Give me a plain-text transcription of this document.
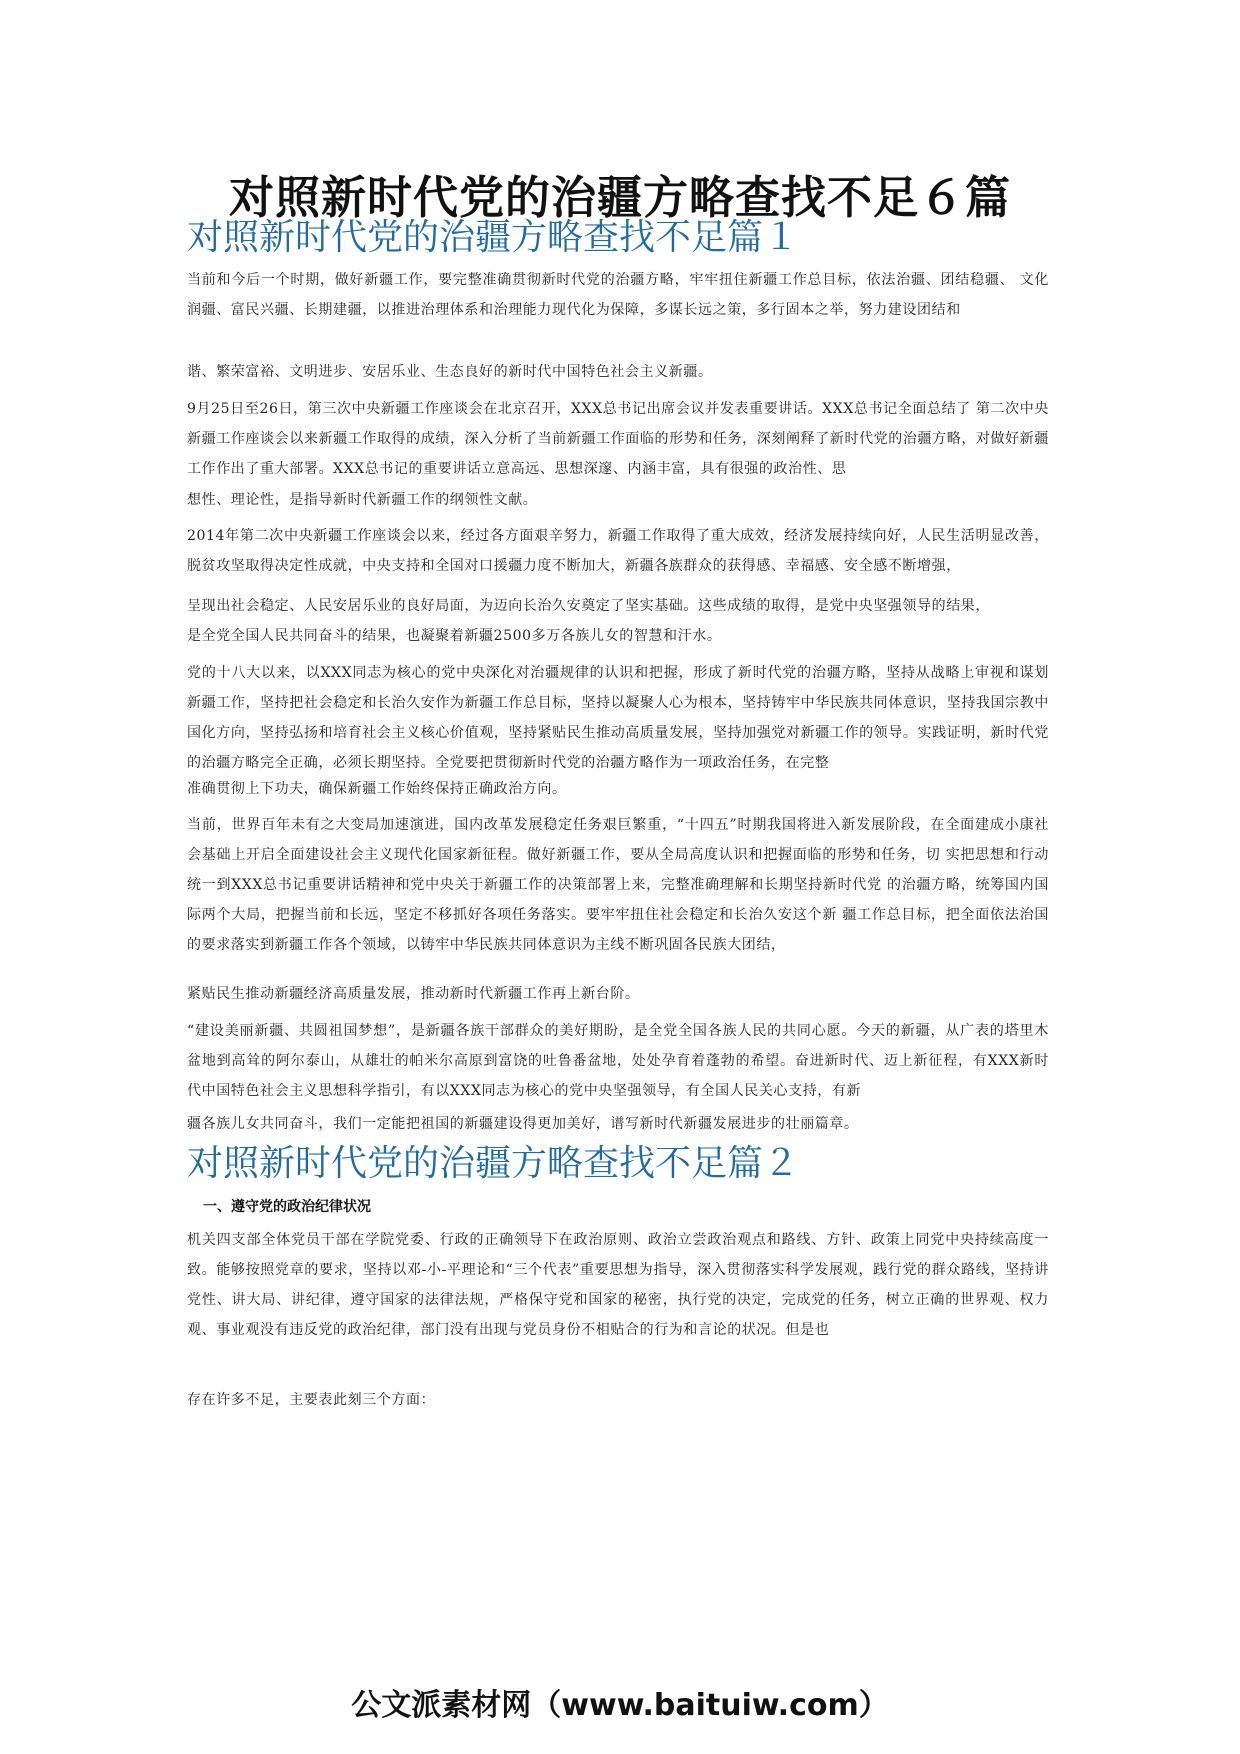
对照新时代党的治疆方略查找不足６篇
对照新时代党的治疆方略查找不足篇１
当前和今后一个时期，做好新疆工作，要完整准确贯彻新时代党的治疆方略，牢牢扭住新疆工作总目标，依法治疆、团结稳疆、 文化润疆、富民兴疆、长期建疆，以推进治理体系和治理能力现代化为保障，多谋长远之策，多行固本之举，努力建设团结和
谐、繁荣富裕、文明进步、安居乐业、生态良好的新时代中国特色社会主义新疆。
9月25日至26日，第三次中央新疆工作座谈会在北京召开，XXX总书记出席会议并发表重要讲话。XXX总书记全面总结了 第二次中央新疆工作座谈会以来新疆工作取得的成绩，深入分析了当前新疆工作面临的形势和任务，深刻阐释了新时代党的治疆方略，对做好新疆工作作出了重大部署。XXX总书记的重要讲话立意高远、思想深邃、内涵丰富，具有很强的政治性、思
想性、理论性，是指导新时代新疆工作的纲领性文献。
2014年第二次中央新疆工作座谈会以来，经过各方面艰辛努力，新疆工作取得了重大成效，经济发展持续向好，人民生活明显改善，脱贫攻坚取得决定性成就，中央支持和全国对口援疆力度不断加大，新疆各族群众的获得感、幸福感、安全感不断增强，
呈现出社会稳定、人民安居乐业的良好局面，为迈向长治久安奠定了坚实基础。这些成绩的取得，是党中央坚强领导的结果，
是全党全国人民共同奋斗的结果，也凝聚着新疆2500多万各族儿女的智慧和汗水。
党的十八大以来，以XXX同志为核心的党中央深化对治疆规律的认识和把握，形成了新时代党的治疆方略，坚持从战略上审视和谋划新疆工作，坚持把社会稳定和长治久安作为新疆工作总目标，坚持以凝聚人心为根本，坚持铸牢中华民族共同体意识，坚持我国宗教中国化方向，坚持弘扬和培育社会主义核心价值观，坚持紧贴民生推动高质量发展，坚持加强党对新疆工作的领导。实践证明，新时代党的治疆方略完全正确，必须长期坚持。全党要把贯彻新时代党的治疆方略作为一项政治任务，在完整
准确贯彻上下功夫，确保新疆工作始终保持正确政治方向。
当前，世界百年未有之大变局加速演进，国内改革发展稳定任务艰巨繁重，“十四五”时期我国将进入新发展阶段，在全面建成小康社会基础上开启全面建设社会主义现代化国家新征程。做好新疆工作，要从全局高度认识和把握面临的形势和任务，切 实把思想和行动统一到XXX总书记重要讲话精神和党中央关于新疆工作的决策部署上来，完整准确理解和长期坚持新时代党 的治疆方略，统筹国内国际两个大局，把握当前和长远，坚定不移抓好各项任务落实。要牢牢扭住社会稳定和长治久安这个新 疆工作总目标，把全面依法治国的要求落实到新疆工作各个领域，以铸牢中华民族共同体意识为主线不断巩固各民族大团结，
紧贴民生推动新疆经济高质量发展，推动新时代新疆工作再上新台阶。
“建设美丽新疆、共圆祖国梦想”，是新疆各族干部群众的美好期盼，是全党全国各族人民的共同心愿。今天的新疆，从广表的塔里木盆地到高耸的阿尔泰山，从雄壮的帕米尔高原到富饶的吐鲁番盆地，处处孕育着蓬勃的希望。奋进新时代、迈上新征程，有XXX新时代中国特色社会主义思想科学指引，有以XXX同志为核心的党中央坚强领导，有全国人民关心支持，有新
疆各族儿女共同奋斗，我们一定能把祖国的新疆建设得更加美好，谱写新时代新疆发展进步的壮丽篇章。
对照新时代党的治疆方略查找不足篇２
一、遵守党的政治纪律状况
机关四支部全体党员干部在学院党委、行政的正确领导下在政治原则、政治立尝政治观点和路线、方针、政策上同党中央持续高度一致。能够按照党章的要求，坚持以邓-小-平理论和“三个代表”重要思想为指导，深入贯彻落实科学发展观，践行党的群众路线，坚持讲党性、讲大局、讲纪律，遵守国家的法律法规，严格保守党和国家的秘密，执行党的决定，完成党的任务，树立正确的世界观、权力观、事业观没有违反党的政治纪律，部门没有出现与党员身份不相贴合的行为和言论的状况。但是也
存在许多不足，主要表此刻三个方面：
公文派素材网（www.baituiw.com）
